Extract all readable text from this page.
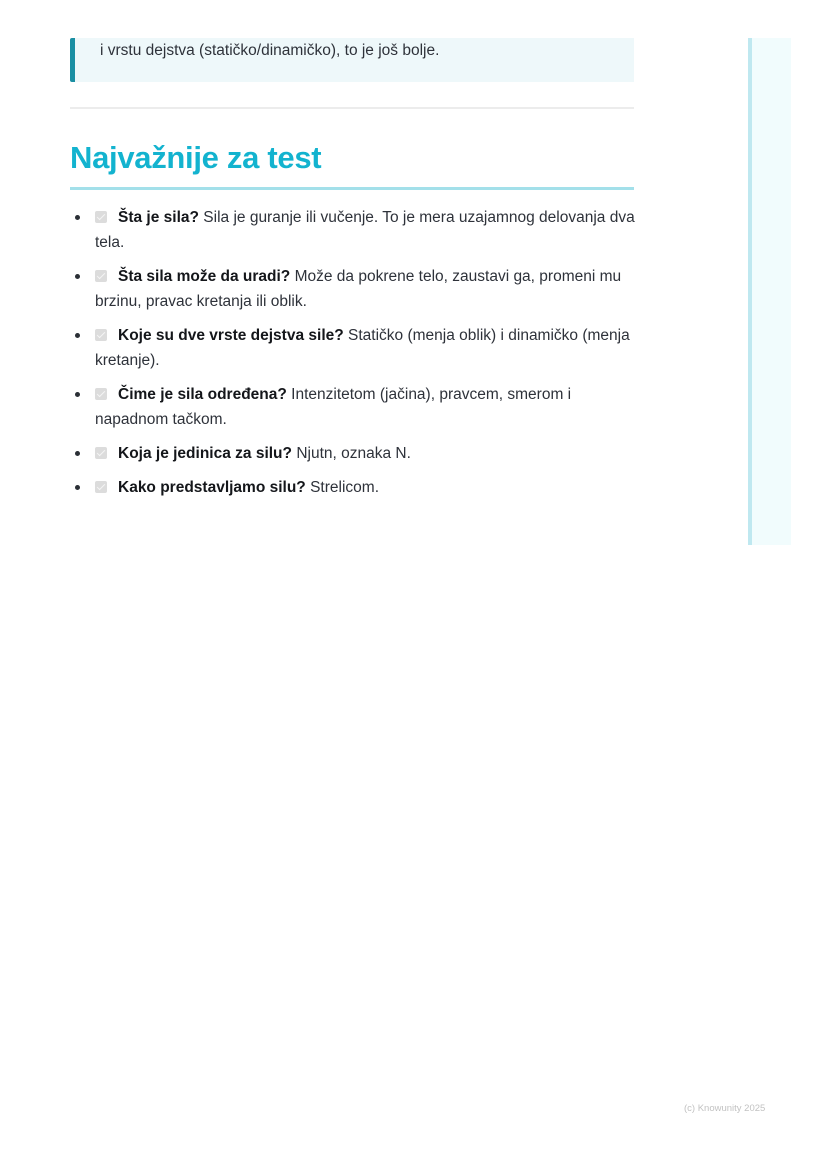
i vrstu dejstva (statičko/dinamičko), to je još bolje.
Najvažnije za test
Šta je sila? Sila je guranje ili vučenje. To je mera uzajamnog delovanja dva tela.
Šta sila može da uradi? Može da pokrene telo, zaustavi ga, promeni mu brzinu, pravac kretanja ili oblik.
Koje su dve vrste dejstva sile? Statičko (menja oblik) i dinamičko (menja kretanje).
Čime je sila određena? Intenzitetom (jačina), pravcem, smerom i napadnom tačkom.
Koja je jedinica za silu? Njutn, oznaka N.
Kako predstavljamo silu? Strelicom.
(c) Knowunity 2025
